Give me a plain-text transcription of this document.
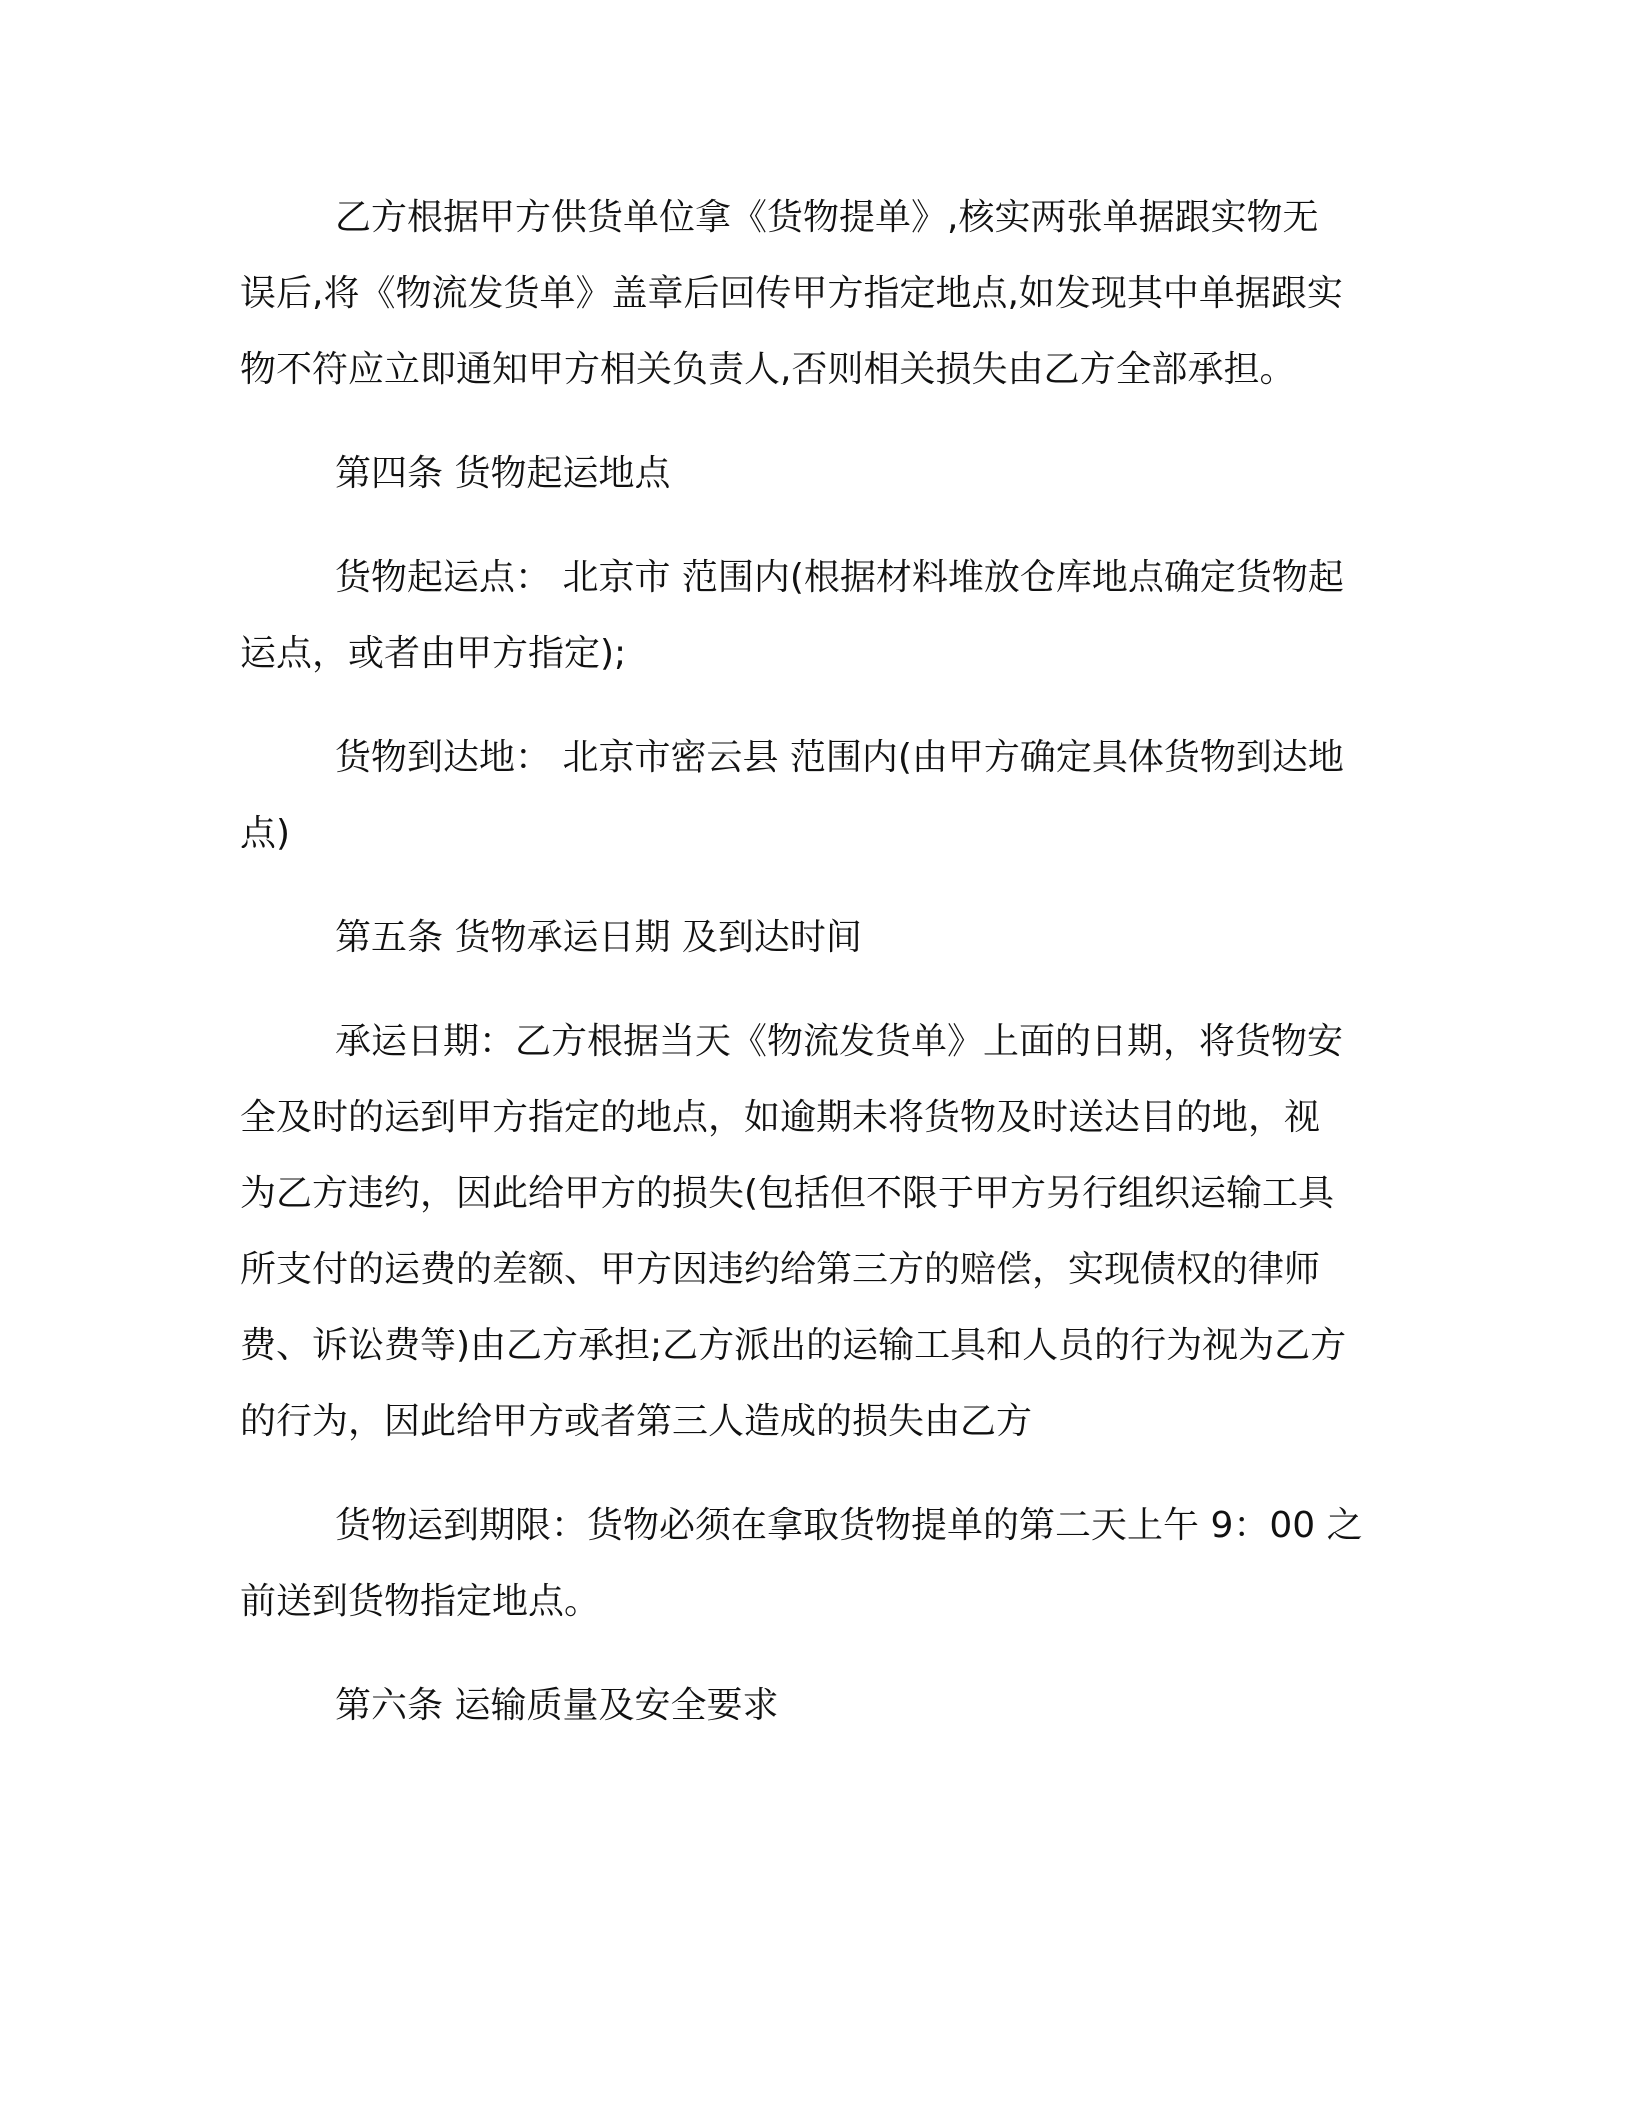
乙方根据甲方供货单位拿《货物提单》,核实两张单据跟实物无
误后,将《物流发货单》盖章后回传甲方指定地点,如发现其中单据跟实
物不符应立即通知甲方相关负责人,否则相关损失由乙方全部承担。
第四条 货物起运地点
货物起运点： 北京市 范围内(根据材料堆放仓库地点确定货物起
运点，或者由甲方指定);
货物到达地： 北京市密云县 范围内(由甲方确定具体货物到达地
点)
第五条 货物承运日期 及到达时间
承运日期：乙方根据当天《物流发货单》上面的日期，将货物安
全及时的运到甲方指定的地点，如逾期未将货物及时送达目的地，视
为乙方违约，因此给甲方的损失(包括但不限于甲方另行组织运输工具
所支付的运费的差额、甲方因违约给第三方的赔偿，实现债权的律师
费、诉讼费等)由乙方承担;乙方派出的运输工具和人员的行为视为乙方
的行为，因此给甲方或者第三人造成的损失由乙方
货物运到期限：货物必须在拿取货物提单的第二天上午 9：00 之
前送到货物指定地点。
第六条 运输质量及安全要求
